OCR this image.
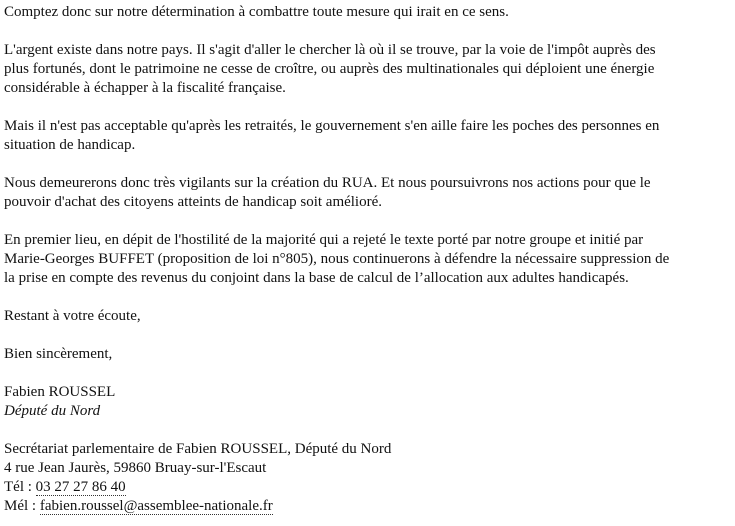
Comptez donc sur notre détermination à combattre toute mesure qui irait en ce sens.
L'argent existe dans notre pays. Il s'agit d'aller le chercher là où il se trouve, par la voie de l'impôt auprès des
plus fortunés, dont le patrimoine ne cesse de croître, ou auprès des multinationales qui déploient une énergie
considérable à échapper à la fiscalité française.
Mais il n'est pas acceptable qu'après les retraités, le gouvernement s'en aille faire les poches des personnes en
situation de handicap.
Nous demeurerons donc très vigilants sur la création du RUA. Et nous poursuivrons nos actions pour que le
pouvoir d'achat des citoyens atteints de handicap soit amélioré.
En premier lieu, en dépit de l'hostilité de la majorité qui a rejeté le texte porté par notre groupe et initié par
Marie-Georges BUFFET (proposition de loi n°805), nous continuerons à défendre la nécessaire suppression de
la prise en compte des revenus du conjoint dans la base de calcul de l’allocation aux adultes handicapés.
Restant à votre écoute,
Bien sincèrement,
Fabien ROUSSEL
Député du Nord
Secrétariat parlementaire de Fabien ROUSSEL, Député du Nord
4 rue Jean Jaurès, 59860 Bruay-sur-l'Escaut
Tél : 03 27 27 86 40
Mél : fabien.roussel@assemblee-nationale.fr
